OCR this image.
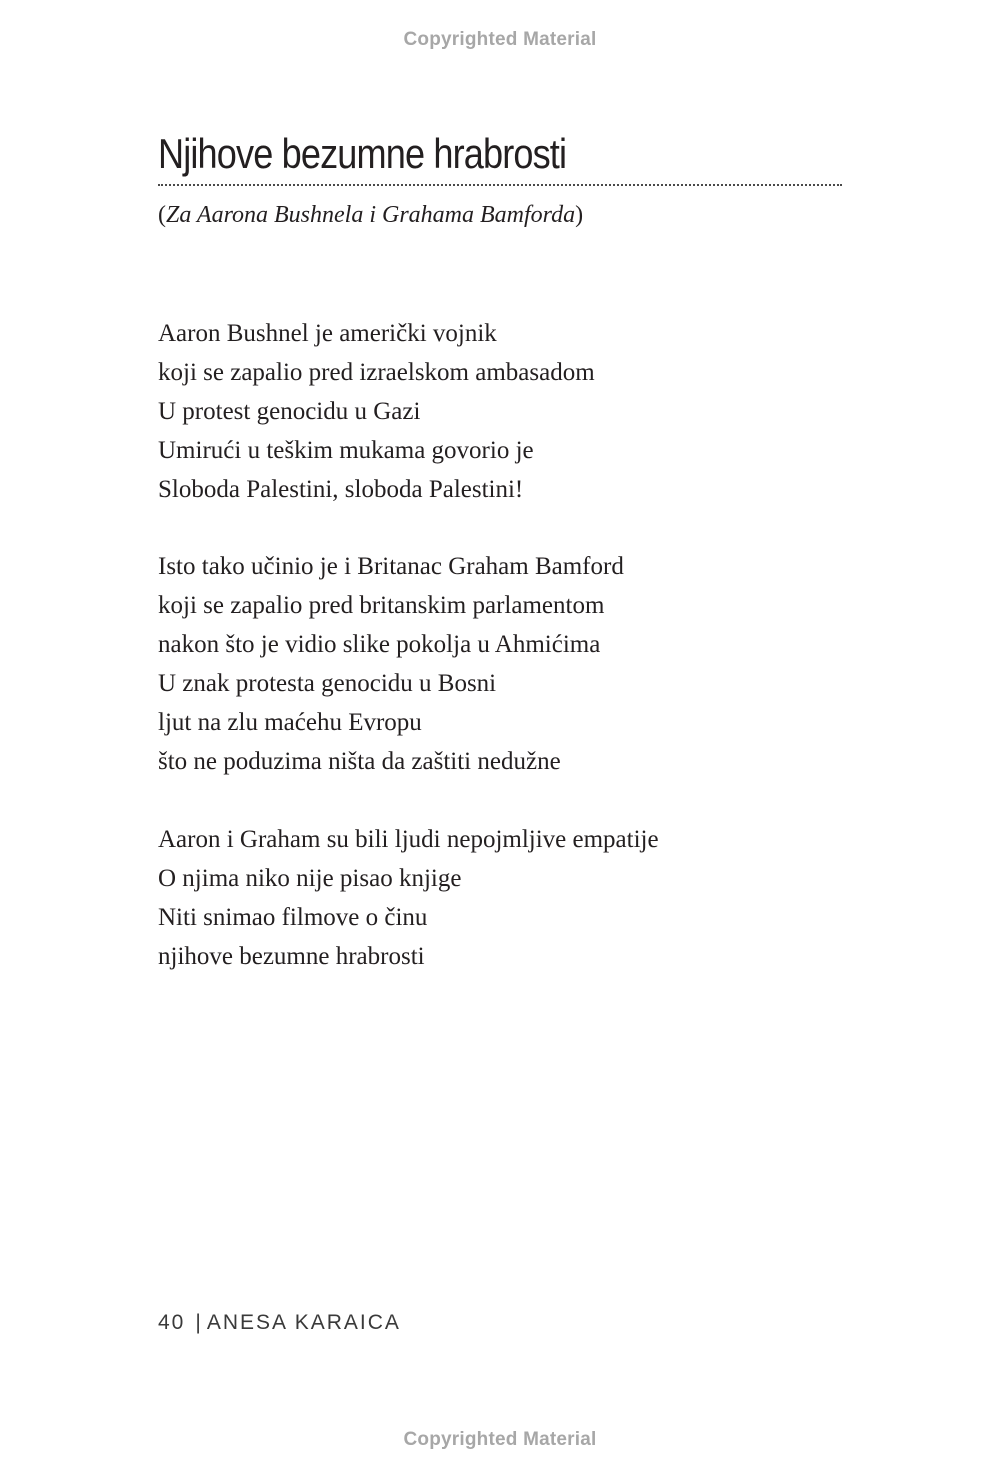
Copyrighted Material
Njihove bezumne hrabrosti
(Za Aarona Bushnela i Grahama Bamforda)
Aaron Bushnel je američki vojnik
koji se zapalio pred izraelskom ambasadom
U protest genocidu u Gazi
Umirući u teškim mukama govorio je
Sloboda Palestini, sloboda Palestini!
Isto tako učinio je i Britanac Graham Bamford
koji se zapalio pred britanskim parlamentom
nakon što je vidio slike pokolja u Ahmićima
U znak protesta genocidu u Bosni
ljut na zlu maćehu Evropu
što ne poduzima ništa da zaštiti nedužne
Aaron i Graham su bili ljudi nepojmljive empatije
O njima niko nije pisao knjige
Niti snimao filmove o činu
njihove bezumne hrabrosti
40 | ANESA KARAICA
Copyrighted Material
